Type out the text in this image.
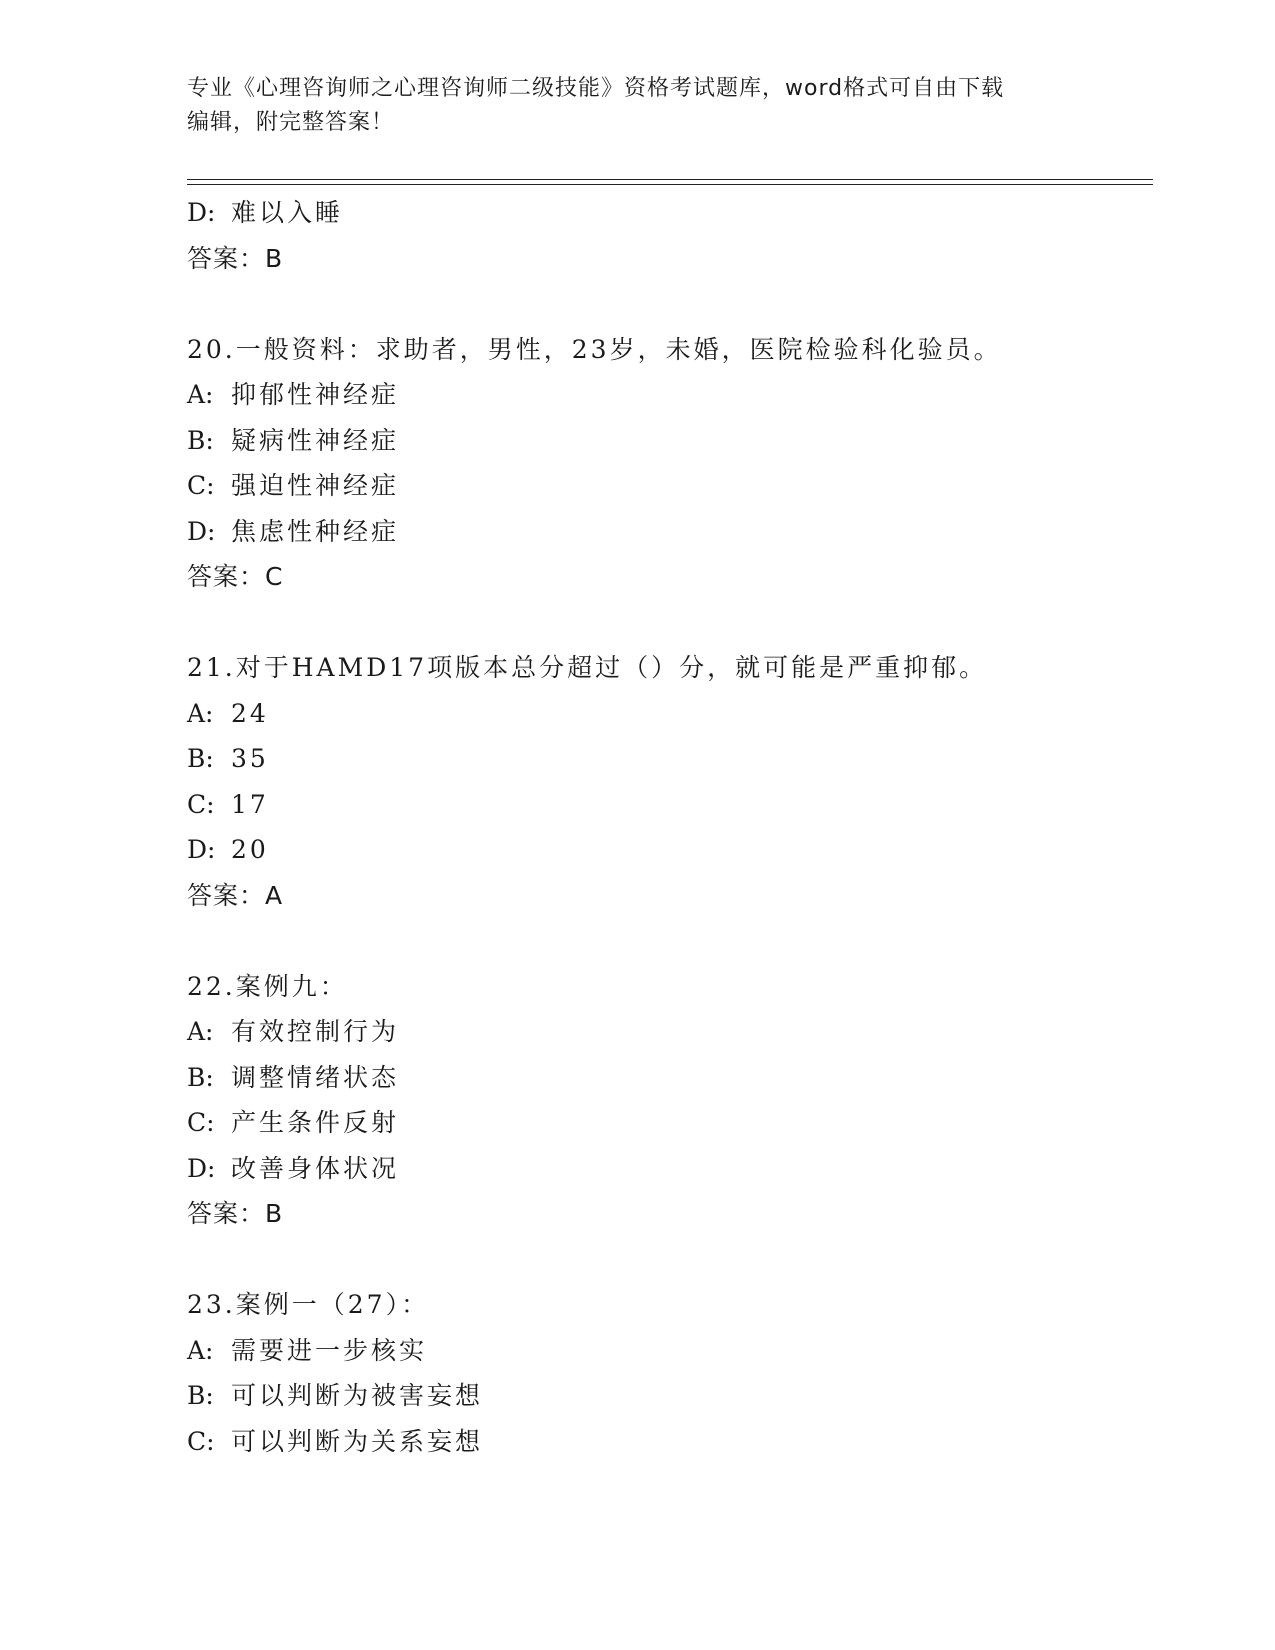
专业《心理咨询师之心理咨询师二级技能》资格考试题库，word格式可自由下载
编辑，附完整答案！
D: 难以入睡
答案：B
20.一般资料：求助者，男性，23岁，未婚，医院检验科化验员。
A: 抑郁性神经症
B: 疑病性神经症
C: 强迫性神经症
D: 焦虑性种经症
答案：C
21.对于HAMD17项版本总分超过（）分，就可能是严重抑郁。
A: 24
B: 35
C: 17
D: 20
答案：A
22.案例九：
A: 有效控制行为
B: 调整情绪状态
C: 产生条件反射
D: 改善身体状况
答案：B
23.案例一（27）：
A: 需要进一步核实
B: 可以判断为被害妄想
C: 可以判断为关系妄想
